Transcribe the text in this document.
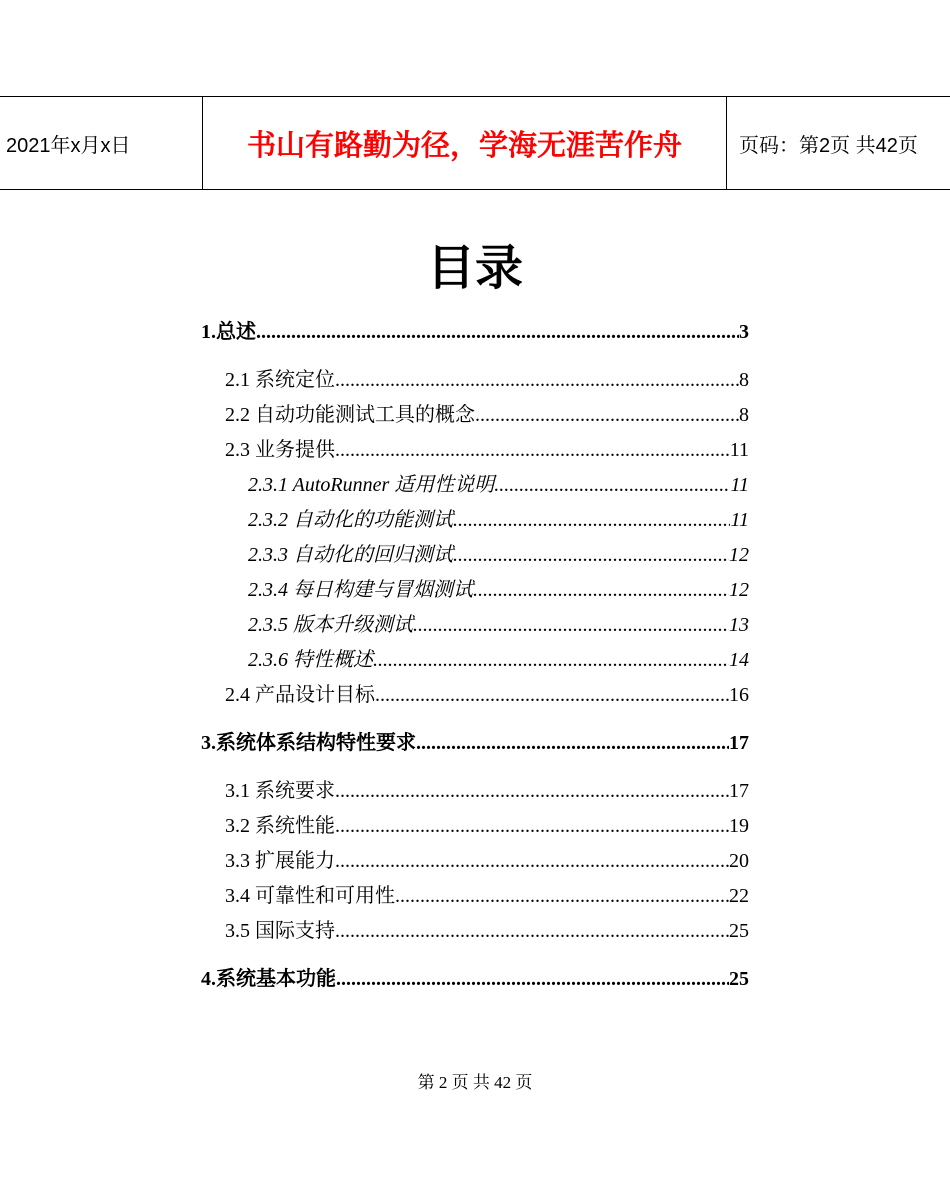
2021年x月x日	书山有路勤为径，学海无涯苦作舟	页码：第2页 共42页
目录
1.总述 .....	3
2.1 系统定位 .....	8
2.2 自动功能测试工具的概念 .....	8
2.3 业务提供 .....	11
2.3.1 AutoRunner 适用性说明 .....	11
2.3.2 自动化的功能测试 .....	11
2.3.3 自动化的回归测试 .....	12
2.3.4 每日构建与冒烟测试 .....	12
2.3.5 版本升级测试 .....	13
2.3.6 特性概述 .....	14
2.4 产品设计目标 .....	16
3.系统体系结构特性要求 .....	17
3.1 系统要求 .....	17
3.2 系统性能 .....	19
3.3 扩展能力 .....	20
3.4 可靠性和可用性 .....	22
3.5 国际支持 .....	25
4.系统基本功能 .....	25
第 2 页 共 42 页
